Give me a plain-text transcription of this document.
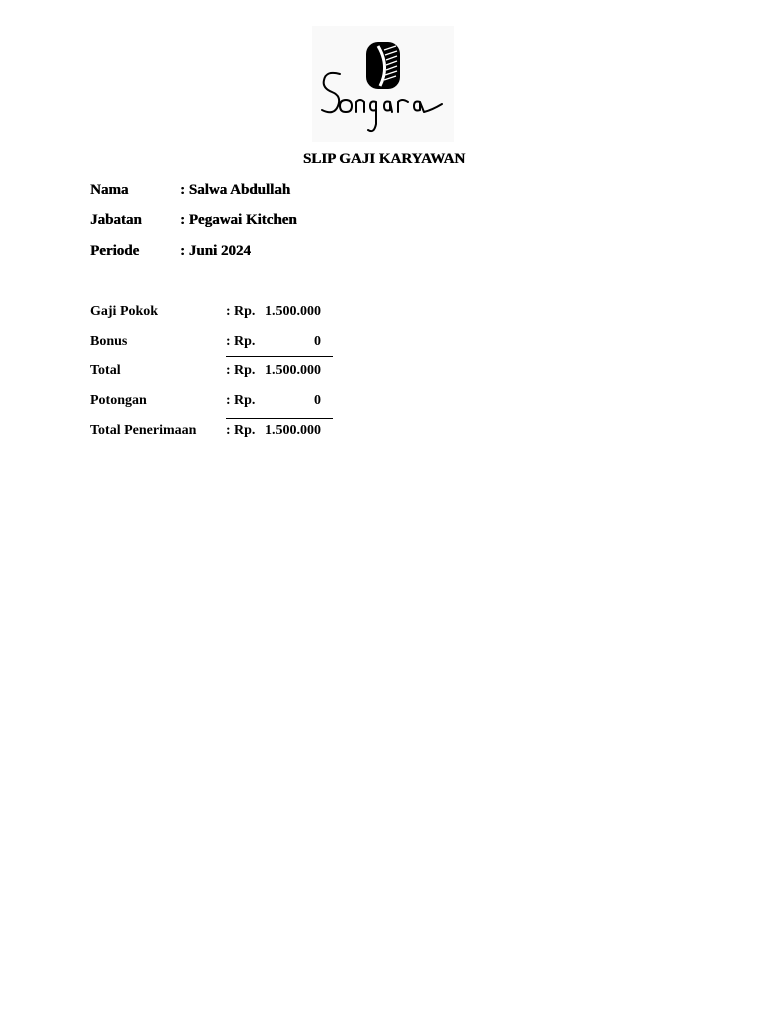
SLIP GAJI KARYAWAN
Nama	: Salwa Abdullah
Jabatan	: Pegawai Kitchen
Periode	: Juni 2024
Gaji Pokok	: Rp. 1.500.000
Bonus	: Rp.	0
Total	: Rp. 1.500.000
Potongan	: Rp.	0
Total Penerimaan : Rp. 1.500.000
